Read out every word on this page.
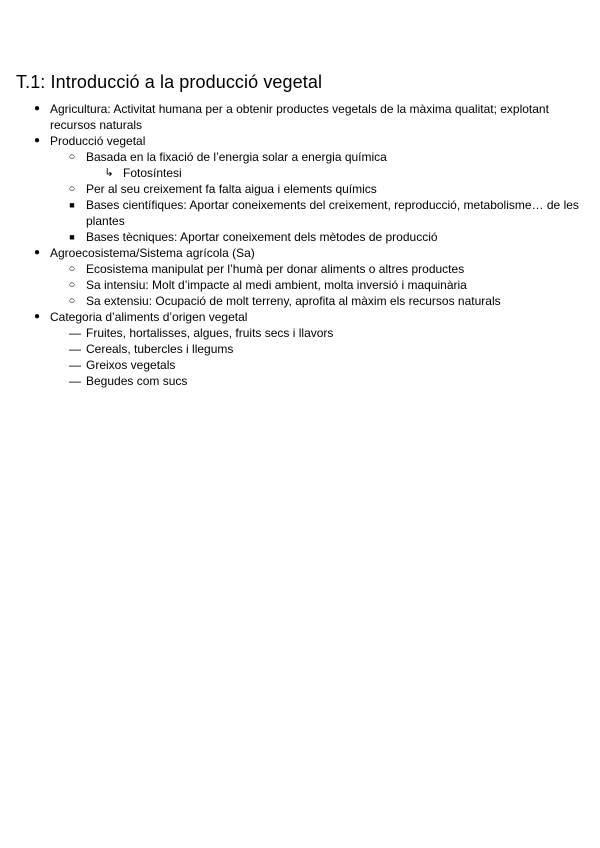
T.1: Introducció a la producció vegetal
● Agricultura: Activitat humana per a obtenir productes vegetals de la màxima qualitat; explotant recursos naturals
● Producció vegetal
○ Basada en la fixació de l’energia solar a energia química
↳ Fotosíntesi
○ Per al seu creixement fa falta aigua i elements químics
■ Bases científiques: Aportar coneixements del creixement, reproducció, metabolisme… de les plantes
■ Bases tècniques: Aportar coneixement dels mètodes de producció
● Agroecosistema/Sistema agrícola (Sa)
○ Ecosistema manipulat per l’humà per donar aliments o altres productes
○ Sa intensiu: Molt d’impacte al medi ambient, molta inversió i maquinària
○ Sa extensiu: Ocupació de molt terreny, aprofita al màxim els recursos naturals
● Categoria d’aliments d’origen vegetal
— Fruites, hortalisses, algues, fruits secs i llavors
— Cereals, tubercles i llegums
— Greixos vegetals
— Begudes com sucs
